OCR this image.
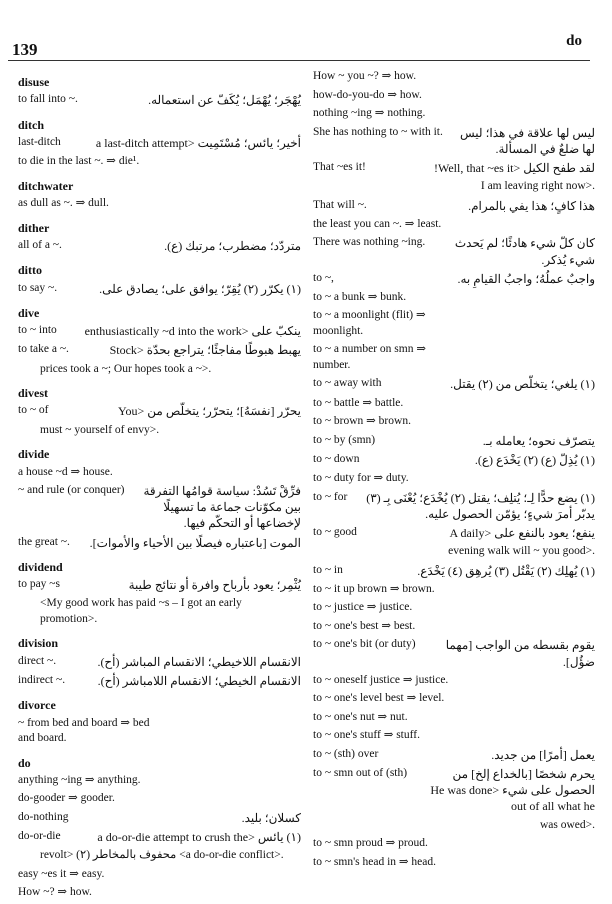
139	do
disuse
to fall into ~.	يُهْجَر؛ يُهْمَل؛ يُكَفّ عن استعماله.
ditch
last-ditch	أخير؛ يائس؛ مُسْتَمِيت <a last-ditch attempt
to die in the last ~. ⇒ die¹.
ditchwater
as dull as ~. ⇒ dull.
dither
all of a ~.	متردّد؛ مضطرب؛ مرتبك (ع).
ditto
to say ~.	(١) يكرّر (٢) يُقِرّ؛ يوافق على؛ يصادق على.
dive
to ~ into	ينكبّ على <enthusiastically ~d into the work
to take a ~.	يهبط هبوطًا مفاجئًا؛ يتراجع بحدّة <Stock
prices took a ~; Our hopes took a ~>.
divest
to ~ of	يحرّر [نفسَهُ]؛ يتحرّر؛ يتخلّص من <You
must ~ yourself of envy>.
divide
a house ~d ⇒ house.
~ and rule (or conquer)	فرِّقْ تَسُدْ: سياسة قوامُها التفرقة بين مكوّنات جماعة ما تسهيلًا لإخضاعها أو التحكّم فيها.
the great ~.	الموت [باعتباره فيصلًا بين الأحياء والأموات].
dividend
to pay ~s	يُثْمِر؛ يعود بأرباح وافرة أو نتائج طيبة
<My good work has paid ~s – I got an early promotion>.
division
direct ~.	الانقسام اللاخيطي؛ الانقسام المباشر (أح).
indirect ~.	الانقسام الخيطي؛ الانقسام اللامباشر (أح).
divorce
~ from bed and board ⇒ bed and board.
do
anything ~ing ⇒ anything.
do-gooder ⇒ gooder.
do-nothing	كسلان؛ بليد.
do-or-die	(١) يائس <a do-or-die attempt to crush the
revolt> (٢) محفوف بالمخاطر <a do-or-die conflict>.
easy ~es it ⇒ easy.
How ~? ⇒ how.
How ~ you ~? ⇒ how.
how-do-you-do ⇒ how.
nothing ~ing ⇒ nothing.
She has nothing to ~ with it.	ليس لها علاقة في هذا؛ ليس لها ضلعٌ في المسألة.
That ~es it!	لقد طفح الكيل <Well, that ~es it!
I am leaving right now>.
That will ~.	هذا كافٍ؛ هذا يفي بالمرام.
the least you can ~. ⇒ least.
There was nothing ~ing.	كان كلّ شيء هادئًا؛ لم يَحدث شيء يُذكر.
to ~,	واجبٌ عملُهُ؛ واجبُ القيامِ به.
to ~ a bunk ⇒ bunk.
to ~ a moonlight (flit) ⇒ moonlight.
to ~ a number on smn ⇒ number.
to ~ away with	(١) يلغي؛ يتخلّص من (٢) يقتل.
to ~ battle ⇒ battle.
to ~ brown ⇒ brown.
to ~ by (smn)	يتصرّف نحوه؛ يعامله بـ.
to ~ down	(١) يُذِلّ (ع) (٢) يَخْدَع (ع).
to ~ duty for ⇒ duty.
to ~ for	(١) يضع حدًّا لِـ؛ يُتلِف؛ يقتل (٢) يُخْدَع؛ يُعْنَى بِـ (٣) يدبّر أمرَ شيءٍ؛ يؤمّن الحصول عليه.
to ~ good	ينفع؛ يعود بالنفع على <A daily
evening walk will ~ you good>.
to ~ in	(١) يُهلِك (٢) يَقْتُل (٣) يُرهِق (٤) يَخْدَع.
to ~ it up brown ⇒ brown.
to ~ justice ⇒ justice.
to ~ one's best ⇒ best.
to ~ one's bit (or duty)	يقوم بقسطه من الواجب [مهما ضؤُل].
to ~ oneself justice ⇒ justice.
to ~ one's level best ⇒ level.
to ~ one's nut ⇒ nut.
to ~ one's stuff ⇒ stuff.
to ~ (sth) over	يعمل [أمرًا] من جديد.
to ~ smn out of (sth)	يحرم شخصًا [بالخداع إلخ] من الحصول على شيء <He was done out of all what he
was owed>.
to ~ smn proud ⇒ proud.
to ~ smn's head in ⇒ head.
